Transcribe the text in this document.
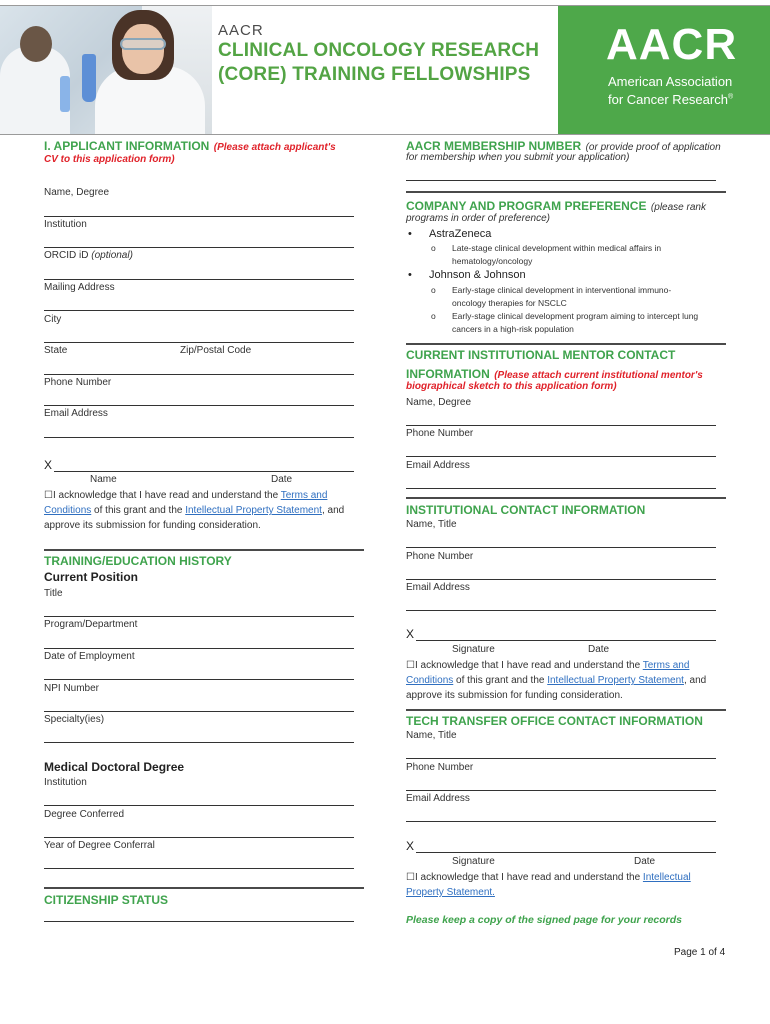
AACR
CLINICAL ONCOLOGY RESEARCH
(CORE) TRAINING FELLOWSHIPS
AACR
American Association
for Cancer Research®
I. APPLICANT INFORMATION (Please attach applicant's
CV to this application form)
Name, Degree
Institution
ORCID iD (optional)
Mailing Address
City
State	Zip/Postal Code
Phone Number
Email Address
X
Name	Date
☐I acknowledge that I have read and understand the Terms and Conditions of this grant and the Intellectual Property Statement, and approve its submission for funding consideration.
TRAINING/EDUCATION HISTORY
Current Position
Title
Program/Department
Date of Employment
NPI Number
Specialty(ies)
Medical Doctoral Degree
Institution
Degree Conferred
Year of Degree Conferral
CITIZENSHIP STATUS
AACR MEMBERSHIP NUMBER (or provide proof of application
for membership when you submit your application)
COMPANY AND PROGRAM PREFERENCE (please rank
programs in order of preference)
• AstraZeneca
o Late-stage clinical development within medical affairs in
hematology/oncology
• Johnson & Johnson
o Early-stage clinical development in interventional immuno-
oncology therapies for NSCLC
o Early-stage clinical development program aiming to intercept lung
cancers in a high-risk population
CURRENT INSTITUTIONAL MENTOR CONTACT
INFORMATION (Please attach current institutional mentor's
biographical sketch to this application form)
Name, Degree
Phone Number
Email Address
INSTITUTIONAL CONTACT INFORMATION
Name, Title
Phone Number
Email Address
X
Signature	Date
☐I acknowledge that I have read and understand the Terms and Conditions of this grant and the Intellectual Property Statement, and approve its submission for funding consideration.
TECH TRANSFER OFFICE CONTACT INFORMATION
Name, Title
Phone Number
Email Address
X
Signature	Date
☐I acknowledge that I have read and understand the Intellectual Property Statement.
Please keep a copy of the signed page for your records
Page 1 of 4
